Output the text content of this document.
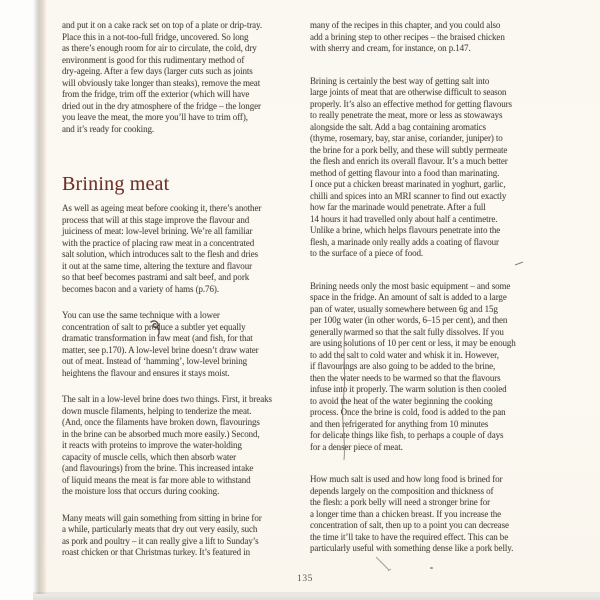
and put it on a cake rack set on top of a plate or drip-tray.
Place this in a not-too-full fridge, uncovered. So long
as there’s enough room for air to circulate, the cold, dry
environment is good for this rudimentary method of
dry-ageing. After a few days (larger cuts such as joints
will obviously take longer than steaks), remove the meat
from the fridge, trim off the exterior (which will have
dried out in the dry atmosphere of the fridge – the longer
you leave the meat, the more you’ll have to trim off),
and it’s ready for cooking.
Brining meat
As well as ageing meat before cooking it, there’s another
process that will at this stage improve the flavour and
juiciness of meat: low-level brining. We’re all familiar
with the practice of placing raw meat in a concentrated
salt solution, which introduces salt to the flesh and dries
it out at the same time, altering the texture and flavour
so that beef becomes pastrami and salt beef, and pork
becomes bacon and a variety of hams (p.76).
You can use the same technique with a lower
concentration of salt to produce a subtler yet equally
dramatic transformation in raw meat (and fish, for that
matter, see p.170). A low-level brine doesn’t draw water
out of meat. Instead of ‘hamming’, low-level brining
heightens the flavour and ensures it stays moist.
The salt in a low-level brine does two things. First, it breaks
down muscle filaments, helping to tenderize the meat.
(And, once the filaments have broken down, flavourings
in the brine can be absorbed much more easily.) Second,
it reacts with proteins to improve the water-holding
capacity of muscle cells, which then absorb water
(and flavourings) from the brine. This increased intake
of liquid means the meat is far more able to withstand
the moisture loss that occurs during cooking.
Many meats will gain something from sitting in brine for
a while, particularly meats that dry out very easily, such
as pork and poultry – it can really give a lift to Sunday’s
roast chicken or that Christmas turkey. It’s featured in
many of the recipes in this chapter, and you could also
add a brining step to other recipes – the braised chicken
with sherry and cream, for instance, on p.147.
Brining is certainly the best way of getting salt into
large joints of meat that are otherwise difficult to season
properly. It’s also an effective method for getting flavours
to really penetrate the meat, more or less as stowaways
alongside the salt. Add a bag containing aromatics
(thyme, rosemary, bay, star anise, coriander, juniper) to
the brine for a pork belly, and these will subtly permeate
the flesh and enrich its overall flavour. It’s a much better
method of getting flavour into a food than marinating.
I once put a chicken breast marinated in yoghurt, garlic,
chilli and spices into an MRI scanner to find out exactly
how far the marinade would penetrate. After a full
14 hours it had travelled only about half a centimetre.
Unlike a brine, which helps flavours penetrate into the
flesh, a marinade only really adds a coating of flavour
to the surface of a piece of food.
Brining needs only the most basic equipment – and some
space in the fridge. An amount of salt is added to a large
pan of water, usually somewhere between 6g and 15g
per 100g water (in other words, 6–15 per cent), and then
generally warmed so that the salt fully dissolves. If you
are using solutions of 10 per cent or less, it may be enough
to add the salt to cold water and whisk it in. However,
if flavourings are also going to be added to the brine,
then the water needs to be warmed so that the flavours
infuse into it properly. The warm solution is then cooled
to avoid the heat of the water beginning the cooking
process. Once the brine is cold, food is added to the pan
and then refrigerated for anything from 10 minutes
for delicate things like fish, to perhaps a couple of days
for a denser piece of meat.
How much salt is used and how long food is brined for
depends largely on the composition and thickness of
the flesh: a pork belly will need a stronger brine for
a longer time than a chicken breast. If you increase the
concentration of salt, then up to a point you can decrease
the time it’ll take to have the required effect. This can be
particularly useful with something dense like a pork belly.
135
